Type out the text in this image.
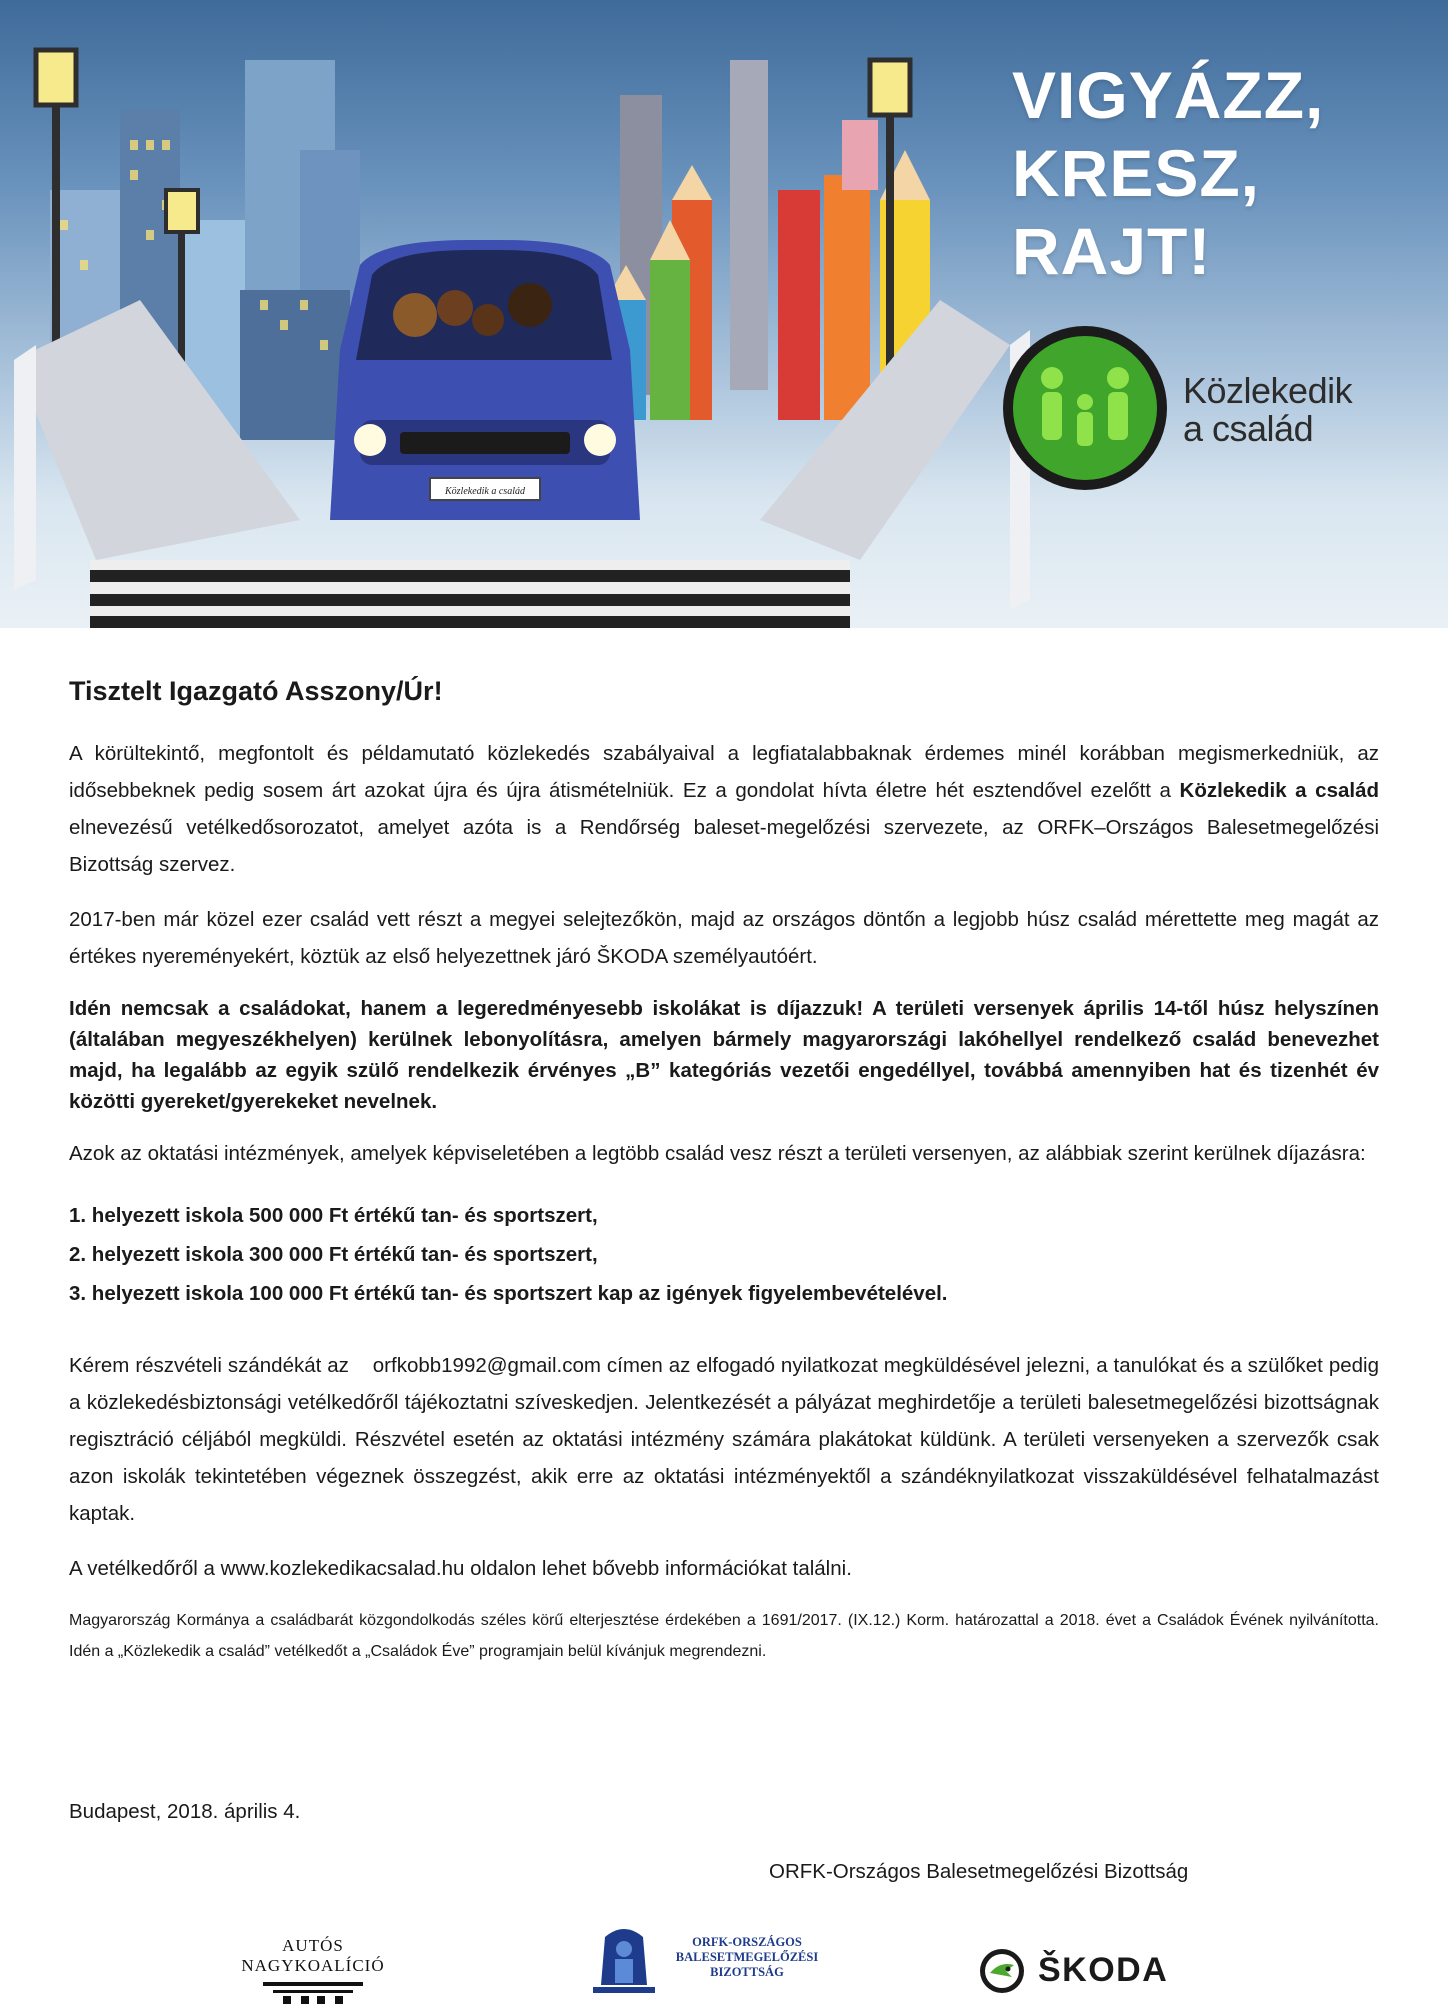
Közlekedik a család
VIGYÁZZ,
KRESZ,
RAJT!
Közlekedik
a család
Tisztelt Igazgató Asszony/Úr!

A körültekintő, megfontolt és példamutató közlekedés szabályaival a legfiatalabbaknak érdemes minél korábban megismerkedniük, az idősebbeknek pedig sosem árt azokat újra és újra átismételniük. Ez a gondolat hívta életre hét esztendővel ezelőtt a Közlekedik a család elnevezésű vetélkedősorozatot, amelyet azóta is a Rendőrség baleset-megelőzési szervezete, az ORFK–Országos Balesetmegelőzési Bizottság szervez.

2017-ben már közel ezer család vett részt a megyei selejtezőkön, majd az országos döntőn a legjobb húsz család mérettette meg magát az értékes nyereményekért, köztük az első helyezettnek járó ŠKODA személyautóért.

Idén nemcsak a családokat, hanem a legeredményesebb iskolákat is díjazzuk! A területi versenyek április 14-től húsz helyszínen (általában megyeszékhelyen) kerülnek lebonyolításra, amelyen bármely magyarországi lakóhellyel rendelkező család benevezhet majd, ha legalább az egyik szülő rendelkezik érvényes „B” kategóriás vezetői engedéllyel, továbbá amennyiben hat és tizenhét év közötti gyereket/gyerekeket nevelnek.

Azok az oktatási intézmények, amelyek képviseletében a legtöbb család vesz részt a területi versenyen, az alábbiak szerint kerülnek díjazásra:

1. helyezett iskola 500 000 Ft értékű tan- és sportszert,
2. helyezett iskola 300 000 Ft értékű tan- és sportszert,
3. helyezett iskola 100 000 Ft értékű tan- és sportszert kap az igények figyelembevételével.

Kérem részvételi szándékát az    orfkobb1992@gmail.com címen az elfogadó nyilatkozat megküldésével jelezni, a tanulókat és a szülőket pedig a közlekedésbiztonsági vetélkedőről tájékoztatni szíveskedjen. Jelentkezését a pályázat meghirdetője a területi balesetmegelőzési bizottságnak regisztráció céljából megküldi. Részvétel esetén az oktatási intézmény számára plakátokat küldünk. A területi versenyeken a szervezők csak azon iskolák tekintetében végeznek összegzést, akik erre az oktatási intézményektől a szándéknyilatkozat visszaküldésével felhatalmazást kaptak.

A vetélkedőről a www.kozlekedikacsalad.hu oldalon lehet bővebb információkat találni.

Magyarország Kormánya a családbarát közgondolkodás széles körű elterjesztése érdekében a 1691/2017. (IX.12.) Korm. határozattal a 2018. évet a Családok Évének nyilvánította. Idén a „Közlekedik a család” vetélkedőt a „Családok Éve” programjain belül kívánjuk megrendezni.

Budapest, 2018. április 4.
ORFK-Országos Balesetmegelőzési Bizottság
AUTÓS NAGYKOALÍCIÓ
ORFK-ORSZÁGOS
BALESETMEGELŐZÉSI
BIZOTTSÁG	ŠKODA
